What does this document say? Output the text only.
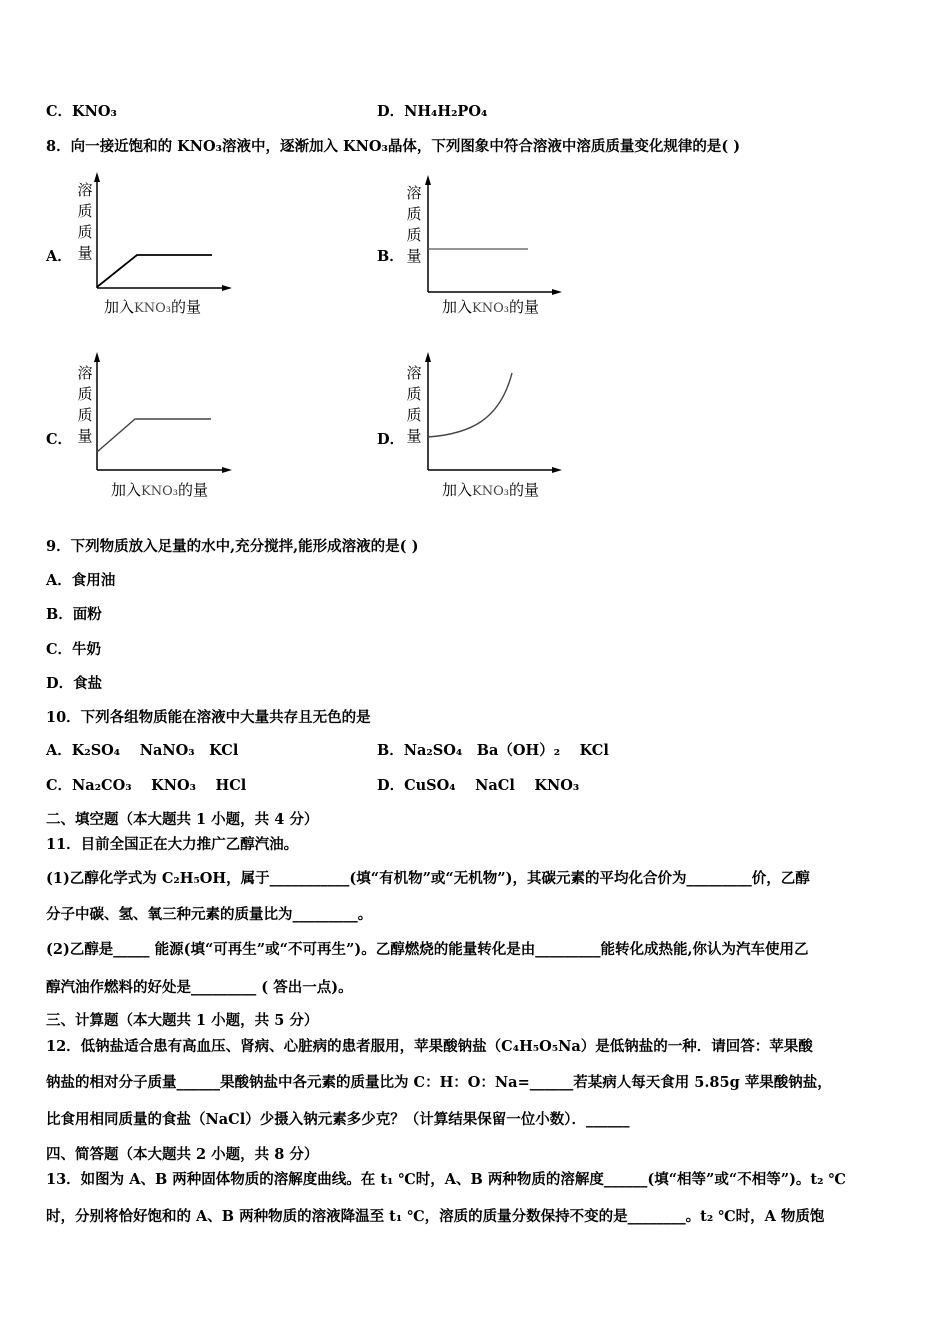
C．KNO₃	D．NH₄H₂PO₄
8．向一接近饱和的 KNO₃溶液中，逐渐加入 KNO₃晶体，下列图象中符合溶液中溶质质量变化规律的是( )
A．
溶
质
质
量
加入KNO₃的量
B．
溶
质
质
量
加入KNO₃的量
C．
溶
质
质
量
加入KNO₃的量
D．
溶
质
质
量
加入KNO₃的量
9．下列物质放入足量的水中,充分搅拌,能形成溶液的是( )
A．食用油
B．面粉
C．牛奶
D．食盐
10．下列各组物质能在溶液中大量共存且无色的是
A．K₂SO₄　 NaNO₃　KCl	B．Na₂SO₄　Ba（OH）₂　 KCl
C．Na₂CO₃　 KNO₃　 HCl	D．CuSO₄　 NaCl　 KNO₃
二、填空题（本大题共 1 小题，共 4 分）
11．目前全国正在大力推广乙醇汽油。
(1)乙醇化学式为 C₂H₅OH，属于___________(填“有机物”或“无机物”)，其碳元素的平均化合价为_________价，乙醇
分子中碳、氢、氧三种元素的质量比为_________。
(2)乙醇是_____ 能源(填“可再生”或“不可再生”)。乙醇燃烧的能量转化是由_________能转化成热能,你认为汽车使用乙
醇汽油作燃料的好处是_________ ( 答出一点)。
三、计算题（本大题共 1 小题，共 5 分）
12．低钠盐适合患有高血压、肾病、心脏病的患者服用，苹果酸钠盐（C₄H₅O₅Na）是低钠盐的一种．请回答：苹果酸
钠盐的相对分子质量______果酸钠盐中各元素的质量比为 C：H：O：Na=______若某病人每天食用 5.85g 苹果酸钠盐，
比食用相同质量的食盐（NaCl）少摄入钠元素多少克？（计算结果保留一位小数）．______
四、简答题（本大题共 2 小题，共 8 分）
13．如图为 A、B 两种固体物质的溶解度曲线。在 t₁ ℃时，A、B 两种物质的溶解度______(填“相等”或“不相等”)。t₂ ℃
时，分别将恰好饱和的 A、B 两种物质的溶液降温至 t₁ ℃，溶质的质量分数保持不变的是________。t₂ ℃时，A 物质饱
